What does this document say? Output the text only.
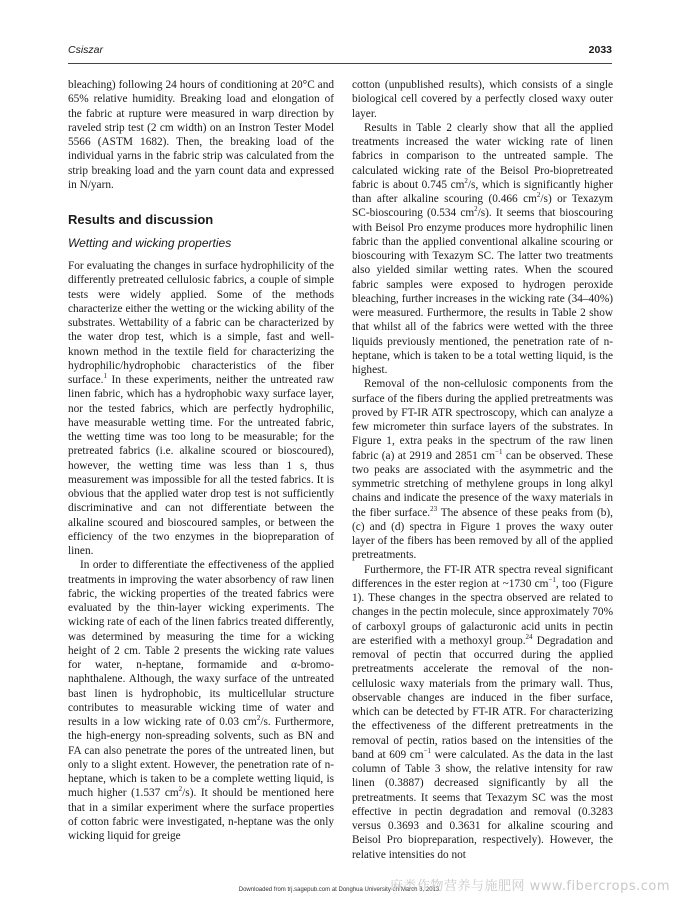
Csiszar	2033

bleaching) following 24 hours of conditioning at 20°C and 65% relative humidity. Breaking load and elongation of the fabric at rupture were measured in warp direction by raveled strip test (2 cm width) on an Instron Tester Model 5566 (ASTM 1682). Then, the breaking load of the individual yarns in the fabric strip was calculated from the strip breaking load and the yarn count data and expressed in N/yarn.

Results and discussion
Wetting and wicking properties

For evaluating the changes in surface hydrophilicity of the differently pretreated cellulosic fabrics, a couple of simple tests were widely applied. Some of the methods characterize either the wetting or the wicking ability of the substrates. Wettability of a fabric can be characterized by the water drop test, which is a simple, fast and well-known method in the textile field for characterizing the hydrophilic/hydrophobic characteristics of the fiber surface.$^1$ In these experiments, neither the untreated raw linen fabric, which has a hydrophobic waxy surface layer, nor the tested fabrics, which are perfectly hydrophilic, have measurable wetting time. For the untreated fabric, the wetting time was too long to be measurable; for the pretreated fabrics (i.e. alkaline scoured or bioscoured), however, the wetting time was less than 1 s, thus measurement was impossible for all the tested fabrics. It is obvious that the applied water drop test is not sufficiently discriminative and can not differentiate between the alkaline scoured and bioscoured samples, or between the efficiency of the two enzymes in the biopreparation of linen.

In order to differentiate the effectiveness of the applied treatments in improving the water absorbency of raw linen fabric, the wicking properties of the treated fabrics were evaluated by the thin-layer wicking experiments. The wicking rate of each of the linen fabrics treated differently, was determined by measuring the time for a wicking height of 2 cm. Table 2 presents the wicking rate values for water, n-heptane, formamide and α-bromo-naphthalene. Although, the waxy surface of the untreated bast linen is hydrophobic, its multicellular structure contributes to measurable wicking time of water and results in a low wicking rate of 0.03 $cm^2/s$. Furthermore, the high-energy non-spreading solvents, such as BN and FA can also penetrate the pores of the untreated linen, but only to a slight extent. However, the penetration rate of n-heptane, which is taken to be a complete wetting liquid, is much higher (1.537 $cm^2/s$). It should be mentioned here that in a similar experiment where the surface properties of cotton fabric were investigated, n-heptane was the only wicking liquid for greige

cotton (unpublished results), which consists of a single biological cell covered by a perfectly closed waxy outer layer.

Results in Table 2 clearly show that all the applied treatments increased the water wicking rate of linen fabrics in comparison to the untreated sample. The calculated wicking rate of the Beisol Pro-biopretreated fabric is about 0.745 $cm^2/s$, which is significantly higher than after alkaline scouring (0.466 $cm^2/s$) or Texazym SC-bioscouring (0.534 $cm^2/s$). It seems that bioscouring with Beisol Pro enzyme produces more hydrophilic linen fabric than the applied conventional alkaline scouring or bioscouring with Texazym SC. The latter two treatments also yielded similar wetting rates. When the scoured fabric samples were exposed to hydrogen peroxide bleaching, further increases in the wicking rate (34–40%) were measured. Furthermore, the results in Table 2 show that whilst all of the fabrics were wetted with the three liquids previously mentioned, the penetration rate of n-heptane, which is taken to be a total wetting liquid, is the highest.

Removal of the non-cellulosic components from the surface of the fibers during the applied pretreatments was proved by FT-IR ATR spectroscopy, which can analyze a few micrometer thin surface layers of the substrates. In Figure 1, extra peaks in the spectrum of the raw linen fabric (a) at 2919 and 2851 $cm^{-1}$ can be observed. These two peaks are associated with the asymmetric and the symmetric stretching of methylene groups in long alkyl chains and indicate the presence of the waxy materials in the fiber surface.$^{23}$ The absence of these peaks from (b), (c) and (d) spectra in Figure 1 proves the waxy outer layer of the fibers has been removed by all of the applied pretreatments.

Furthermore, the FT-IR ATR spectra reveal significant differences in the ester region at ~1730 $cm^{-1}$, too (Figure 1). These changes in the spectra observed are related to changes in the pectin molecule, since approximately 70% of carboxyl groups of galacturonic acid units in pectin are esterified with a methoxyl group.$^{24}$ Degradation and removal of pectin that occurred during the applied pretreatments accelerate the removal of the non-cellulosic waxy materials from the primary wall. Thus, observable changes are induced in the fiber surface, which can be detected by FT-IR ATR. For characterizing the effectiveness of the different pretreatments in the removal of pectin, ratios based on the intensities of the band at 609 $cm^{-1}$ were calculated. As the data in the last column of Table 3 show, the relative intensity for raw linen (0.3887) decreased significantly by all the pretreatments. It seems that Texazym SC was the most effective in pectin degradation and removal (0.3283 versus 0.3693 and 0.3631 for alkaline scouring and Beisol Pro biopreparation, respectively). However, the relative intensities do not

Downloaded from trj.sagepub.com at Donghua University on March 3, 2013
麻类作物营养与施肥网 www.fibercrops.com
